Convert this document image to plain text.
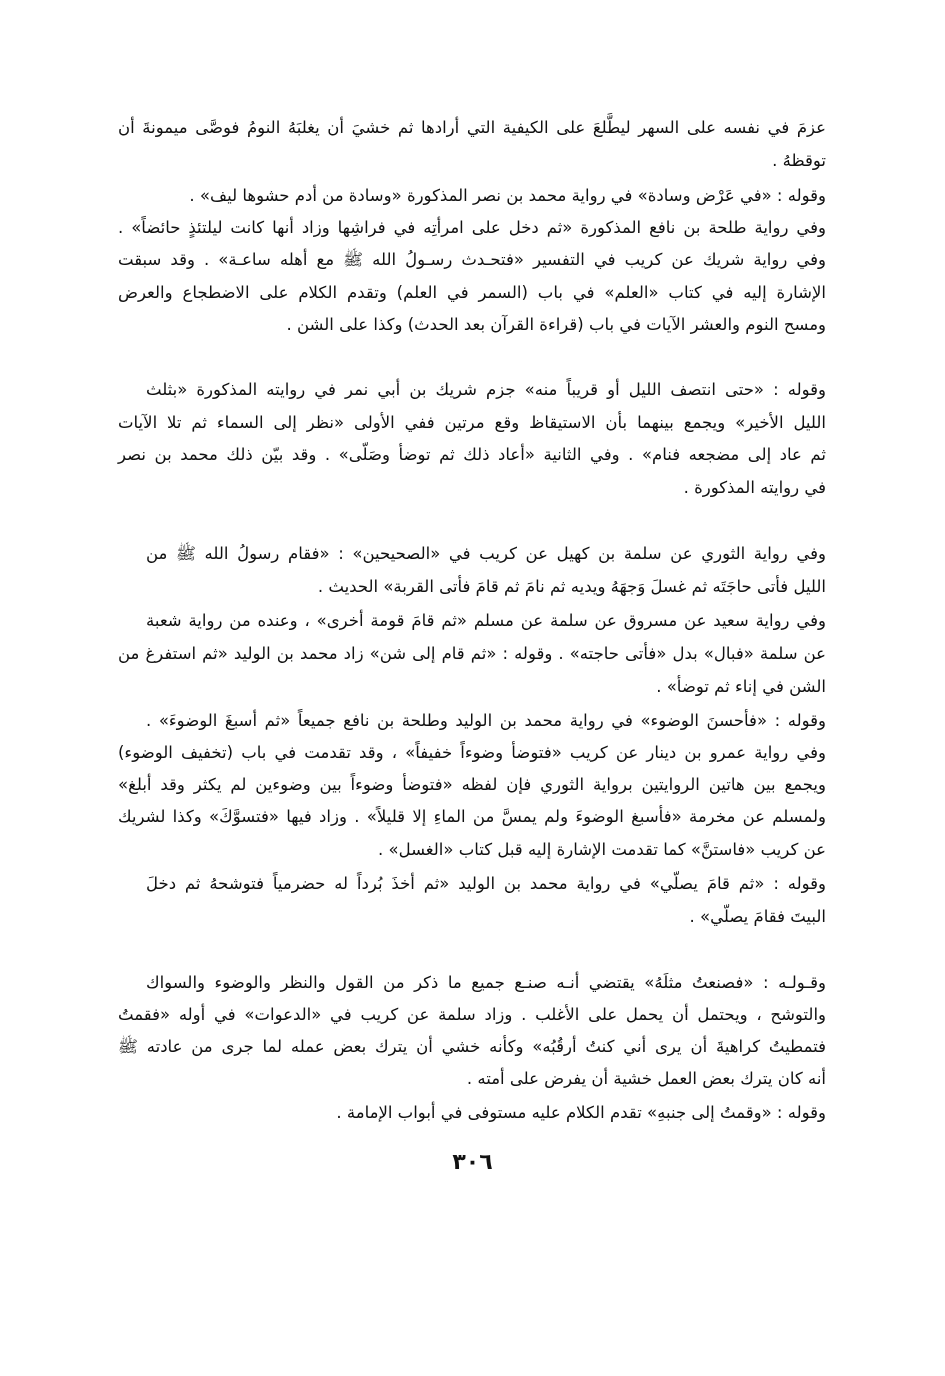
عزمَ في نفسه على السهر ليطَّلعَ على الكيفية التي أرادها ثم خشيَ أن يغلبَهُ النومُ فوصَّى ميمونةَ أن
توقظهُ .
وقوله : «في عَرْض وسادة» في رواية محمد بن نصر المذكورة «وسادة من أدم حشوها ليف» .
وفي رواية طلحة بن نافع المذكورة «ثم دخل على امرأتِه في فراشِها وزاد أنها كانت ليلتئذٍ حائضاً» .
وفي رواية شريك عن كريب في التفسير «فتحـدث رسـولُ الله ﷺ مع أهله ساعـة» . وقد سبقت
الإشارة إليه في كتاب «العلم» في باب (السمر في العلم) وتقدم الكلام على الاضطجاع والعرض
ومسح النوم والعشر الآيات في باب (قراءة القرآن بعد الحدث) وكذا على الشن .
وقوله : «حتى انتصف الليل أو قريباً منه» جزم شريك بن أبي نمر في روايته المذكورة «بثلث
الليل الأخير» ويجمع بينهما بأن الاستيقاظ وقع مرتين ففي الأولى «نظر إلى السماء ثم تلا الآيات
ثم عاد إلى مضجعه فنام» . وفي الثانية «أعاد ذلك ثم توضأ وصَلّى» . وقد بيّن ذلك محمد بن نصر
في روايته المذكورة .
وفي رواية الثوري عن سلمة بن كهيل عن كريب في «الصحيحين» : «فقام رسولُ الله ﷺ من
الليل فأتى حاجَتَه ثم غسلَ وَجهَهُ ويديه ثم نامَ ثم قامَ فأتى القربة» الحديث .
وفي رواية سعيد عن مسروق عن سلمة عن مسلم «ثم قامَ قومة أخرى» ، وعنده من رواية شعبة
عن سلمة «فبال» بدل «فأتى حاجته» . وقوله : «ثم قام إلى شن» زاد محمد بن الوليد «ثم استفرغ من
الشن في إناء ثم توضأ» .
وقوله : «فأحسنَ الوضوء» في رواية محمد بن الوليد وطلحة بن نافع جميعاً «ثم أسبغَ الوضوءَ» .
وفي رواية عمرو بن دينار عن كريب «فتوضأ وضوءاً خفيفاً» ، وقد تقدمت في باب (تخفيف الوضوء)
ويجمع بين هاتين الروايتين برواية الثوري فإن لفظه «فتوضأ وضوءاً بين وضوءين لم يكثر وقد أبلغ»
ولمسلم عن مخرمة «فأسبغ الوضوءَ ولم يمسَّ من الماءِ إلا قليلاً» . وزاد فيها «فتسوَّكَ» وكذا لشريك
عن كريب «فاستنَّ» كما تقدمت الإشارة إليه قبل كتاب «الغسل» .
وقوله : «ثم قامَ يصلّي» في رواية محمد بن الوليد «ثم أخذَ بُرداً له حضرمياً فتوشحهُ ثم دخلَ
البيتَ فقامَ يصلّي» .
وقـولـه : «فصنعتُ مثلَهُ» يقتضي أنـه صنـع جميع ما ذكر من القول والنظر والوضوء والسواك
والتوشح ، ويحتمل أن يحمل على الأغلب . وزاد سلمة عن كريب في «الدعوات» في أوله «فقمتُ
فتمطيتُ كراهيةَ أن يرى أني كنتُ أرقُبُه» وكأنه خشي أن يترك بعض عمله لما جرى من عادته ﷺ
أنه كان يترك بعض العمل خشية أن يفرض على أمته .
وقوله : «وقمتُ إلى جنبهِ» تقدم الكلام عليه مستوفى في أبواب الإمامة .
٣٠٦
